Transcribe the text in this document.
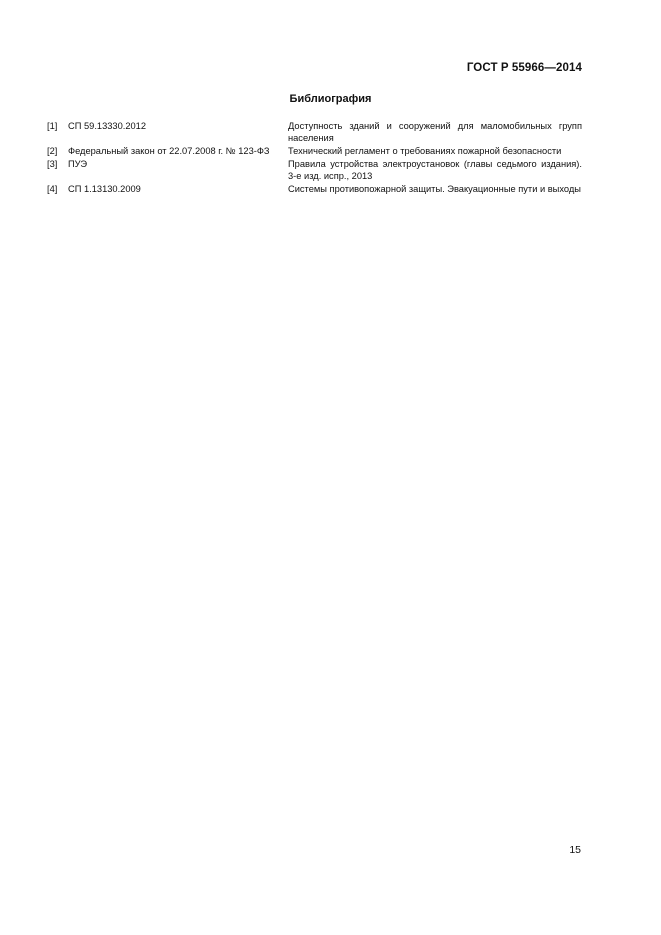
ГОСТ Р 55966—2014
Библиография
[1]	СП 59.13330.2012	Доступность зданий и сооружений для маломобильных групп населения
[2]	Федеральный закон от 22.07.2008 г. № 123-ФЗ	Технический регламент о требованиях пожарной безопасности
[3]	ПУЭ	Правила устройства электроустановок (главы седьмого издания). 3-е изд. испр., 2013
[4]	СП 1.13130.2009	Системы противопожарной защиты. Эвакуационные пути и выходы
15
